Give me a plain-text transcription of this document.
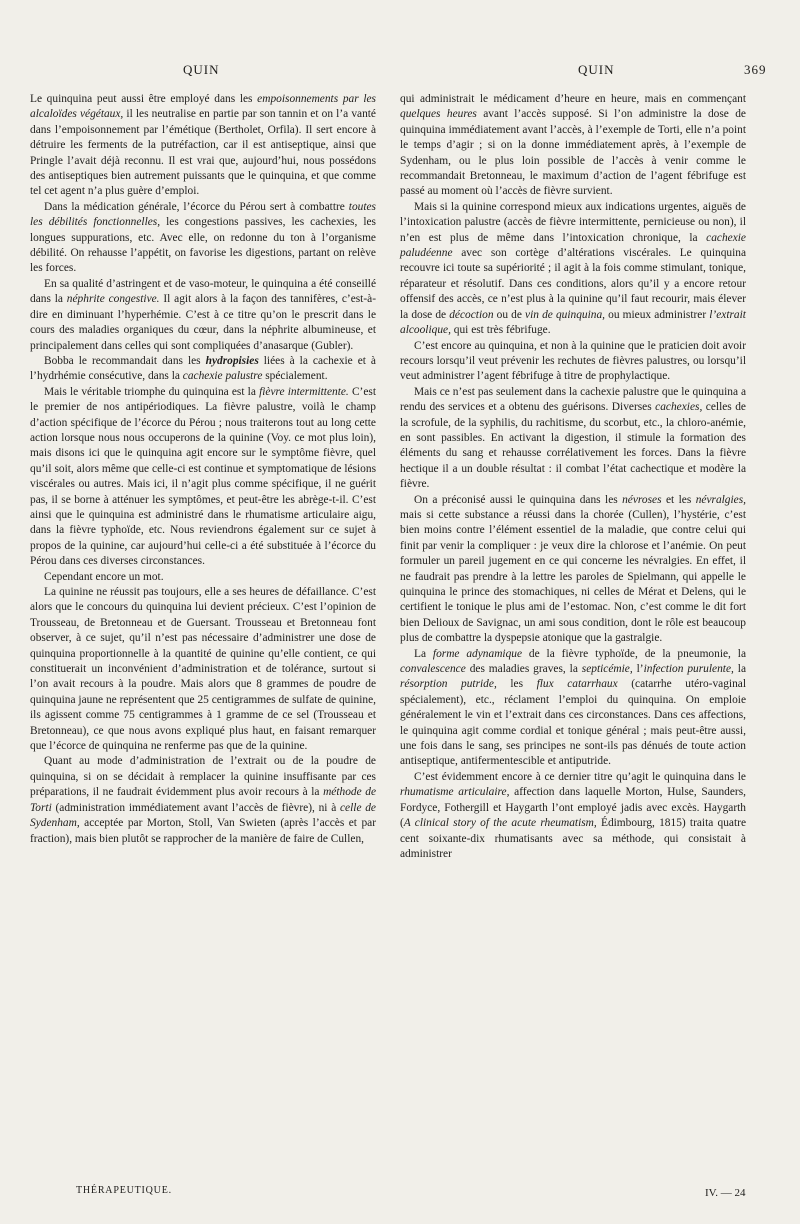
QUIN	QUIN	369

Le quinquina peut aussi être employé dans les empoisonnements par les alcaloïdes végétaux, il les neutralise en partie par son tannin et on l’a vanté dans l’empoisonnement par l’émétique (Bertholet, Orfila). Il sert encore à détruire les ferments de la putréfaction, car il est antiseptique, ainsi que Pringle l’avait déjà reconnu. Il est vrai que, aujourd’hui, nous possédons des antiseptiques bien autrement puissants que le quinquina, et que comme tel cet agent n’a plus guère d’emploi.

Dans la médication générale, l’écorce du Pérou sert à combattre toutes les débilités fonctionnelles, les congestions passives, les cachexies, les longues suppurations, etc. Avec elle, on redonne du ton à l’organisme débilité. On rehausse l’appétit, on favorise les digestions, partant on relève les forces.

En sa qualité d’astringent et de vaso-moteur, le quinquina a été conseillé dans la néphrite congestive. Il agit alors à la façon des tannifères, c’est-à-dire en diminuant l’hyperhémie. C’est à ce titre qu’on le prescrit dans le cours des maladies organiques du cœur, dans la néphrite albumineuse, et principalement dans celles qui sont compliquées d’anasarque (Gubler).

Bobba le recommandait dans les hydropisies liées à la cachexie et à l’hydrhémie consécutive, dans la cachexie palustre spécialement.

Mais le véritable triomphe du quinquina est la fièvre intermittente. C’est le premier de nos antipériodiques. La fièvre palustre, voilà le champ d’action spécifique de l’écorce du Pérou ; nous traiterons tout au long cette action lorsque nous nous occuperons de la quinine (Voy. ce mot plus loin), mais disons ici que le quinquina agit encore sur le symptôme fièvre, quel qu’il soit, alors même que celle-ci est continue et symptomatique de lésions viscérales ou autres. Mais ici, il n’agit plus comme spécifique, il ne guérit pas, il se borne à atténuer les symptômes, et peut-être les abrège-t-il. C’est ainsi que le quinquina est administré dans le rhumatisme articulaire aigu, dans la fièvre typhoïde, etc. Nous reviendrons également sur ce sujet à propos de la quinine, car aujourd’hui celle-ci a été substituée à l’écorce du Pérou dans ces diverses circonstances.

Cependant encore un mot.

La quinine ne réussit pas toujours, elle a ses heures de défaillance. C’est alors que le concours du quinquina lui devient précieux. C’est l’opinion de Trousseau, de Bretonneau et de Guersant. Trousseau et Bretonneau font observer, à ce sujet, qu’il n’est pas nécessaire d’administrer une dose de quinquina proportionnelle à la quantité de quinine qu’elle contient, ce qui constituerait un inconvénient d’administration et de tolérance, surtout si l’on avait recours à la poudre. Mais alors que 8 grammes de poudre de quinquina jaune ne représentent que 25 centigrammes de sulfate de quinine, ils agissent comme 75 centigrammes à 1 gramme de ce sel (Trousseau et Bretonneau), ce que nous avons expliqué plus haut, en faisant remarquer que l’écorce de quinquina ne renferme pas que de la quinine.

Quant au mode d’administration de l’extrait ou de la poudre de quinquina, si on se décidait à remplacer la quinine insuffisante par ces préparations, il ne faudrait évidemment plus avoir recours à la méthode de Torti (administration immédiatement avant l’accès de fièvre), ni à celle de Sydenham, acceptée par Morton, Stoll, Van Swieten (après l’accès et par fraction), mais bien plutôt se rapprocher de la manière de faire de Cullen,

qui administrait le médicament d’heure en heure, mais en commençant quelques heures avant l’accès supposé. Si l’on administre la dose de quinquina immédiatement avant l’accès, à l’exemple de Torti, elle n’a point le temps d’agir ; si on la donne immédiatement après, à l’exemple de Sydenham, ou le plus loin possible de l’accès à venir comme le recommandait Bretonneau, le maximum d’action de l’agent fébrifuge est passé au moment où l’accès de fièvre survient.

Mais si la quinine correspond mieux aux indications urgentes, aiguës de l’intoxication palustre (accès de fièvre intermittente, pernicieuse ou non), il n’en est plus de même dans l’intoxication chronique, la cachexie paludéenne avec son cortège d’altérations viscérales. Le quinquina recouvre ici toute sa supériorité ; il agit à la fois comme stimulant, tonique, réparateur et résolutif. Dans ces conditions, alors qu’il y a encore retour offensif des accès, ce n’est plus à la quinine qu’il faut recourir, mais élever la dose de décoction ou de vin de quinquina, ou mieux administrer l’extrait alcoolique, qui est très fébrifuge.

C’est encore au quinquina, et non à la quinine que le praticien doit avoir recours lorsqu’il veut prévenir les rechutes de fièvres palustres, ou lorsqu’il veut administrer l’agent fébrifuge à titre de prophylactique.

Mais ce n’est pas seulement dans la cachexie palustre que le quinquina a rendu des services et a obtenu des guérisons. Diverses cachexies, celles de la scrofule, de la syphilis, du rachitisme, du scorbut, etc., la chloro-anémie, en sont passibles. En activant la digestion, il stimule la formation des éléments du sang et rehausse corrélativement les forces. Dans la fièvre hectique il a un double résultat : il combat l’état cachectique et modère la fièvre.

On a préconisé aussi le quinquina dans les névroses et les névralgies, mais si cette substance a réussi dans la chorée (Cullen), l’hystérie, c’est bien moins contre l’élément essentiel de la maladie, que contre celui qui finit par venir la compliquer : je veux dire la chlorose et l’anémie. On peut formuler un pareil jugement en ce qui concerne les névralgies. En effet, il ne faudrait pas prendre à la lettre les paroles de Spielmann, qui appelle le quinquina le prince des stomachiques, ni celles de Mérat et Delens, qui le certifient le tonique le plus ami de l’estomac. Non, c’est comme le dit fort bien Delioux de Savignac, un ami sous condition, dont le rôle est beaucoup plus de combattre la dyspepsie atonique que la gastralgie.

La forme adynamique de la fièvre typhoïde, de la pneumonie, la convalescence des maladies graves, la septicémie, l’infection purulente, la résorption putride, les flux catarrhaux (catarrhe utéro-vaginal spécialement), etc., réclament l’emploi du quinquina. On emploie généralement le vin et l’extrait dans ces circonstances. Dans ces affections, le quinquina agit comme cordial et tonique général ; mais peut-être aussi, une fois dans le sang, ses principes ne sont-ils pas dénués de toute action antiseptique, antifermentescible et antiputride.

C’est évidemment encore à ce dernier titre qu’agit le quinquina dans le rhumatisme articulaire, affection dans laquelle Morton, Hulse, Saunders, Fordyce, Fothergill et Haygarth l’ont employé jadis avec excès. Haygarth (A clinical story of the acute rheumatism, Édimbourg, 1815) traita quatre cent soixante-dix rhumatisants avec sa méthode, qui consistait à administrer

THÉRAPEUTIQUE.	IV. — 24
